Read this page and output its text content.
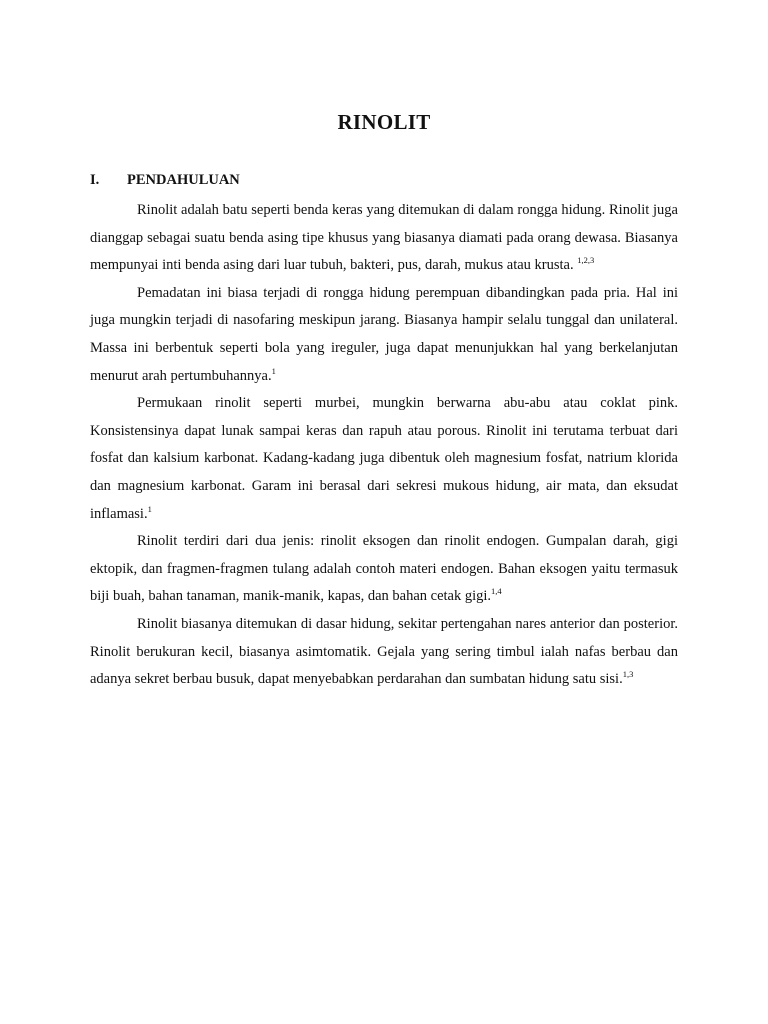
RINOLIT
I. PENDAHULUAN

Rinolit adalah batu seperti benda keras yang ditemukan di dalam rongga hidung. Rinolit juga dianggap sebagai suatu benda asing tipe khusus yang biasanya diamati pada orang dewasa. Biasanya mempunyai inti benda asing dari luar tubuh, bakteri, pus, darah, mukus atau krusta. $^{1,2,3}$

Pemadatan ini biasa terjadi di rongga hidung perempuan dibandingkan pada pria. Hal ini juga mungkin terjadi di nasofaring meskipun jarang. Biasanya hampir selalu tunggal dan unilateral. Massa ini berbentuk seperti bola yang ireguler, juga dapat menunjukkan hal yang berkelanjutan menurut arah pertumbuhannya.$^1$

Permukaan rinolit seperti murbei, mungkin berwarna abu-abu atau coklat pink. Konsistensinya dapat lunak sampai keras dan rapuh atau porous. Rinolit ini terutama terbuat dari fosfat dan kalsium karbonat. Kadang-kadang juga dibentuk oleh magnesium fosfat, natrium klorida dan magnesium karbonat. Garam ini berasal dari sekresi mukous hidung, air mata, dan eksudat inflamasi.$^1$

Rinolit terdiri dari dua jenis: rinolit eksogen dan rinolit endogen. Gumpalan darah, gigi ektopik, dan fragmen-fragmen tulang adalah contoh materi endogen. Bahan eksogen yaitu termasuk biji buah, bahan tanaman, manik-manik, kapas, dan bahan cetak gigi.$^{1,4}$

Rinolit biasanya ditemukan di dasar hidung, sekitar pertengahan nares anterior dan posterior. Rinolit berukuran kecil, biasanya asimtomatik. Gejala yang sering timbul ialah nafas berbau dan adanya sekret berbau busuk, dapat menyebabkan perdarahan dan sumbatan hidung satu sisi.$^{1,3}$
